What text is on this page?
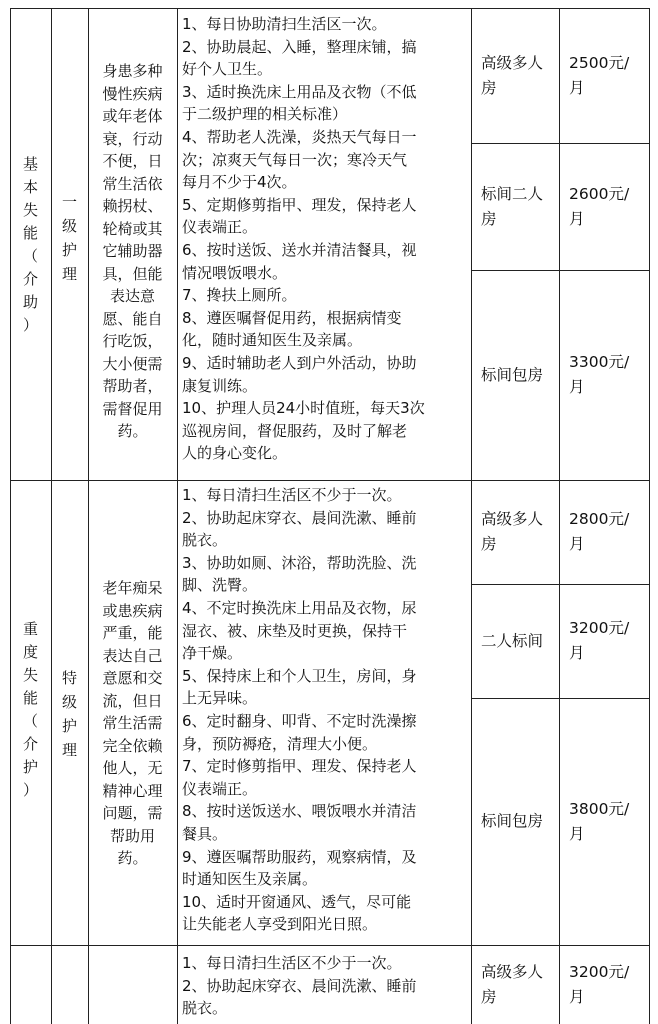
基
本
失
能
（
介
助
）
一
级
护
理
身患多种
慢性疾病
或年老体
衰，行动
不便，日
常生活依
赖拐杖、
轮椅或其
它辅助器
具，但能
表达意
愿、能自
行吃饭，
大小便需
帮助者，
需督促用
药。
1、每日协助清扫生活区一次。
2、协助晨起、入睡，整理床铺，搞
好个人卫生。
3、适时换洗床上用品及衣物（不低
于二级护理的相关标准）
4、帮助老人洗澡，炎热天气每日一
次；凉爽天气每日一次；寒冷天气
每月不少于4次。
5、定期修剪指甲、理发，保持老人
仪表端正。
6、按时送饭、送水并清洁餐具，视
情况喂饭喂水。
7、搀扶上厕所。
8、遵医嘱督促用药，根据病情变
化，随时通知医生及亲属。
9、适时辅助老人到户外活动，协助
康复训练。
10、护理人员24小时值班，每天3次
巡视房间，督促服药，及时了解老
人的身心变化。
高级多人
房
2500元/
月
标间二人
房
2600元/
月
标间包房
3300元/
月
重
度
失
能
（
介
护
）
特
级
护
理
老年痴呆
或患疾病
严重，能
表达自己
意愿和交
流，但日
常生活需
完全依赖
他人，无
精神心理
问题，需
帮助用
药。
1、每日清扫生活区不少于一次。
2、协助起床穿衣、晨间洗漱、睡前
脱衣。
3、协助如厕、沐浴，帮助洗脸、洗
脚、洗臀。
4、不定时换洗床上用品及衣物，尿
湿衣、被、床垫及时更换，保持干
净干燥。
5、保持床上和个人卫生，房间，身
上无异味。
6、定时翻身、叩背、不定时洗澡擦
身，预防褥疮，清理大小便。
7、定时修剪指甲、理发、保持老人
仪表端正。
8、按时送饭送水、喂饭喂水并清洁
餐具。
9、遵医嘱帮助服药，观察病情，及
时通知医生及亲属。
10、适时开窗通风、透气，尽可能
让失能老人享受到阳光日照。
高级多人
房
2800元/
月
二人标间
3200元/
月
标间包房
3800元/
月
1、每日清扫生活区不少于一次。
2、协助起床穿衣、晨间洗漱、睡前
脱衣。
高级多人
房
3200元/
月
